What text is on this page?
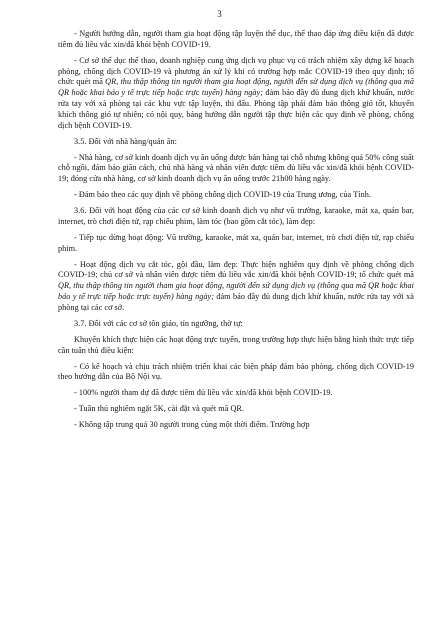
3

- Người hướng dẫn, người tham gia hoạt động tập luyện thể dục, thể thao đáp ứng điều kiện đã được tiêm đủ liều vắc xin/đã khỏi bệnh COVID-19.

- Cơ sở thể dục thể thao, doanh nghiệp cung ứng dịch vụ phục vụ có trách nhiệm xây dựng kế hoạch phòng, chống dịch COVID-19 và phương án xử lý khi có trường hợp mắc COVID-19 theo quy định; tổ chức quét mã QR, thu thập thông tin người tham gia hoạt động, người đến sử dụng dịch vụ (thông qua mã QR hoặc khai báo y tế trực tiếp hoặc trực tuyến) hàng ngày; đảm bảo đầy đủ dung dịch khử khuẩn, nước rửa tay với xà phòng tại các khu vực tập luyện, thi đấu. Phòng tập phải đảm bảo thông gió tốt, khuyến khích thông gió tự nhiên; có nội quy, bảng hướng dẫn người tập thực hiện các quy định về phòng, chống dịch bệnh COVID-19.

3.5. Đối với nhà hàng/quán ăn:

- Nhà hàng, cơ sở kinh doanh dịch vụ ăn uống được bán hàng tại chỗ nhưng không quá 50% công suất chỗ ngồi, đảm bảo giãn cách, chủ nhà hàng và nhân viên được tiêm đủ liều vắc xin/đã khỏi bệnh COVID-19; đóng cửa nhà hàng, cơ sở kinh doanh dịch vụ ăn uống trước 21h00 hàng ngày.

- Đảm bảo theo các quy định về phòng chống dịch COVID-19 của Trung ương, của Tỉnh.

3.6. Đối với hoạt động của các cơ sở kinh doanh dịch vụ như vũ trường, karaoke, mát xa, quán bar, internet, trò chơi điện tử, rạp chiếu phim, làm tóc (bao gồm cắt tóc), làm đẹp:

- Tiếp tục dừng hoạt động: Vũ trường, karaoke, mát xa, quán bar, internet, trò chơi điện tử, rạp chiếu phim.

- Hoạt động dịch vụ cắt tóc, gội đầu, làm đẹp: Thực hiện nghiêm quy định về phòng chống dịch COVID-19; chủ cơ sở và nhân viên được tiêm đủ liều vắc xin/đã khỏi bệnh COVID-19; tổ chức quét mã QR, thu thập thông tin người tham gia hoạt động, người đến sử dụng dịch vụ (thông qua mã QR hoặc khai báo y tế trực tiếp hoặc trực tuyến) hàng ngày; đảm bảo đầy đủ dung dịch khử khuẩn, nước rửa tay với xà phòng tại các cơ sở.

3.7. Đối với các cơ sở tôn giáo, tín ngưỡng, thờ tự:

Khuyến khích thực hiện các hoạt động trực tuyến, trong trường hợp thực hiện bằng hình thức trực tiếp cần tuân thủ điều kiện:

- Có kế hoạch và chịu trách nhiệm triển khai các biện pháp đảm bảo phòng, chống dịch COVID-19 theo hướng dẫn của Bộ Nội vụ.

- 100% người tham dự đã được tiêm đủ liều vắc xin/đã khỏi bệnh COVID-19.

- Tuân thủ nghiêm ngặt 5K, cài đặt và quét mã QR.

- Không tập trung quá 30 người trong cùng một thời điểm. Trường hợp
